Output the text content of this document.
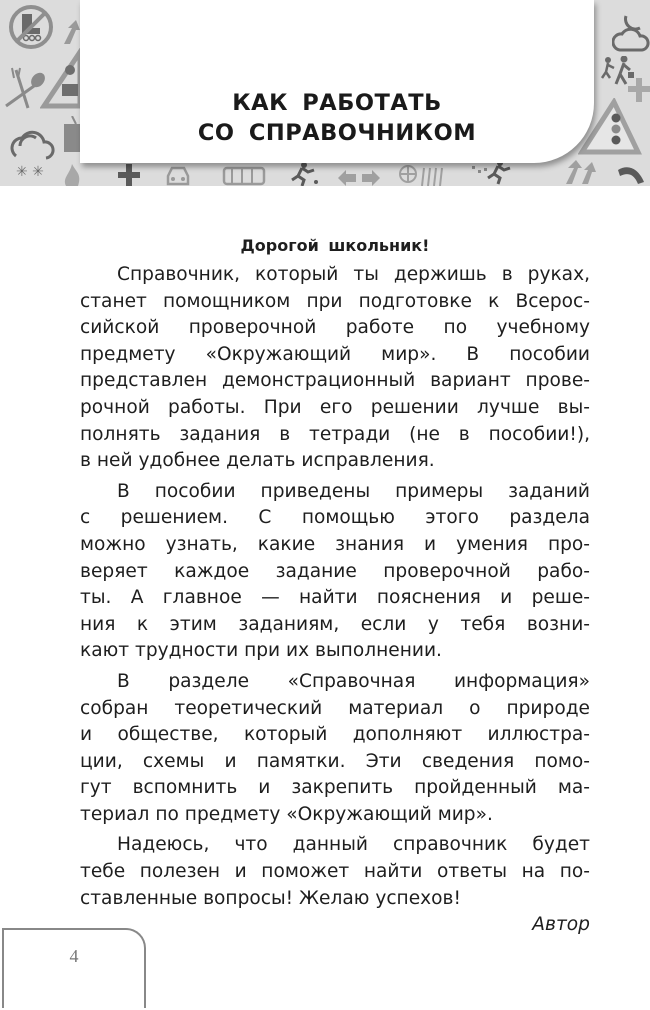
✳ ✳
КАК РАБОТАТЬ
СО СПРАВОЧНИКОМ
Дорогой школьник!

Справочник, который ты держишь в руках,
станет помощником при подготовке к Всерос-
сийской проверочной работе по учебному
предмету «Окружающий мир». В пособии
представлен демонстрационный вариант прове-
рочной работы. При его решении лучше вы-
полнять задания в тетради (не в пособии!),
в ней удобнее делать исправления.

В пособии приведены примеры заданий
с решением. С помощью этого раздела
можно узнать, какие знания и умения про-
веряет каждое задание проверочной рабо-
ты. А главное — найти пояснения и реше-
ния к этим заданиям, если у тебя возни-
кают трудности при их выполнении.

В разделе «Справочная информация»
собран теоретический материал о природе
и обществе, который дополняют иллюстра-
ции, схемы и памятки. Эти сведения помо-
гут вспомнить и закрепить пройденный ма-
териал по предмету «Окружающий мир».

Надеюсь, что данный справочник будет
тебе полезен и поможет найти ответы на по-
ставленные вопросы! Желаю успехов!

Автор
4
